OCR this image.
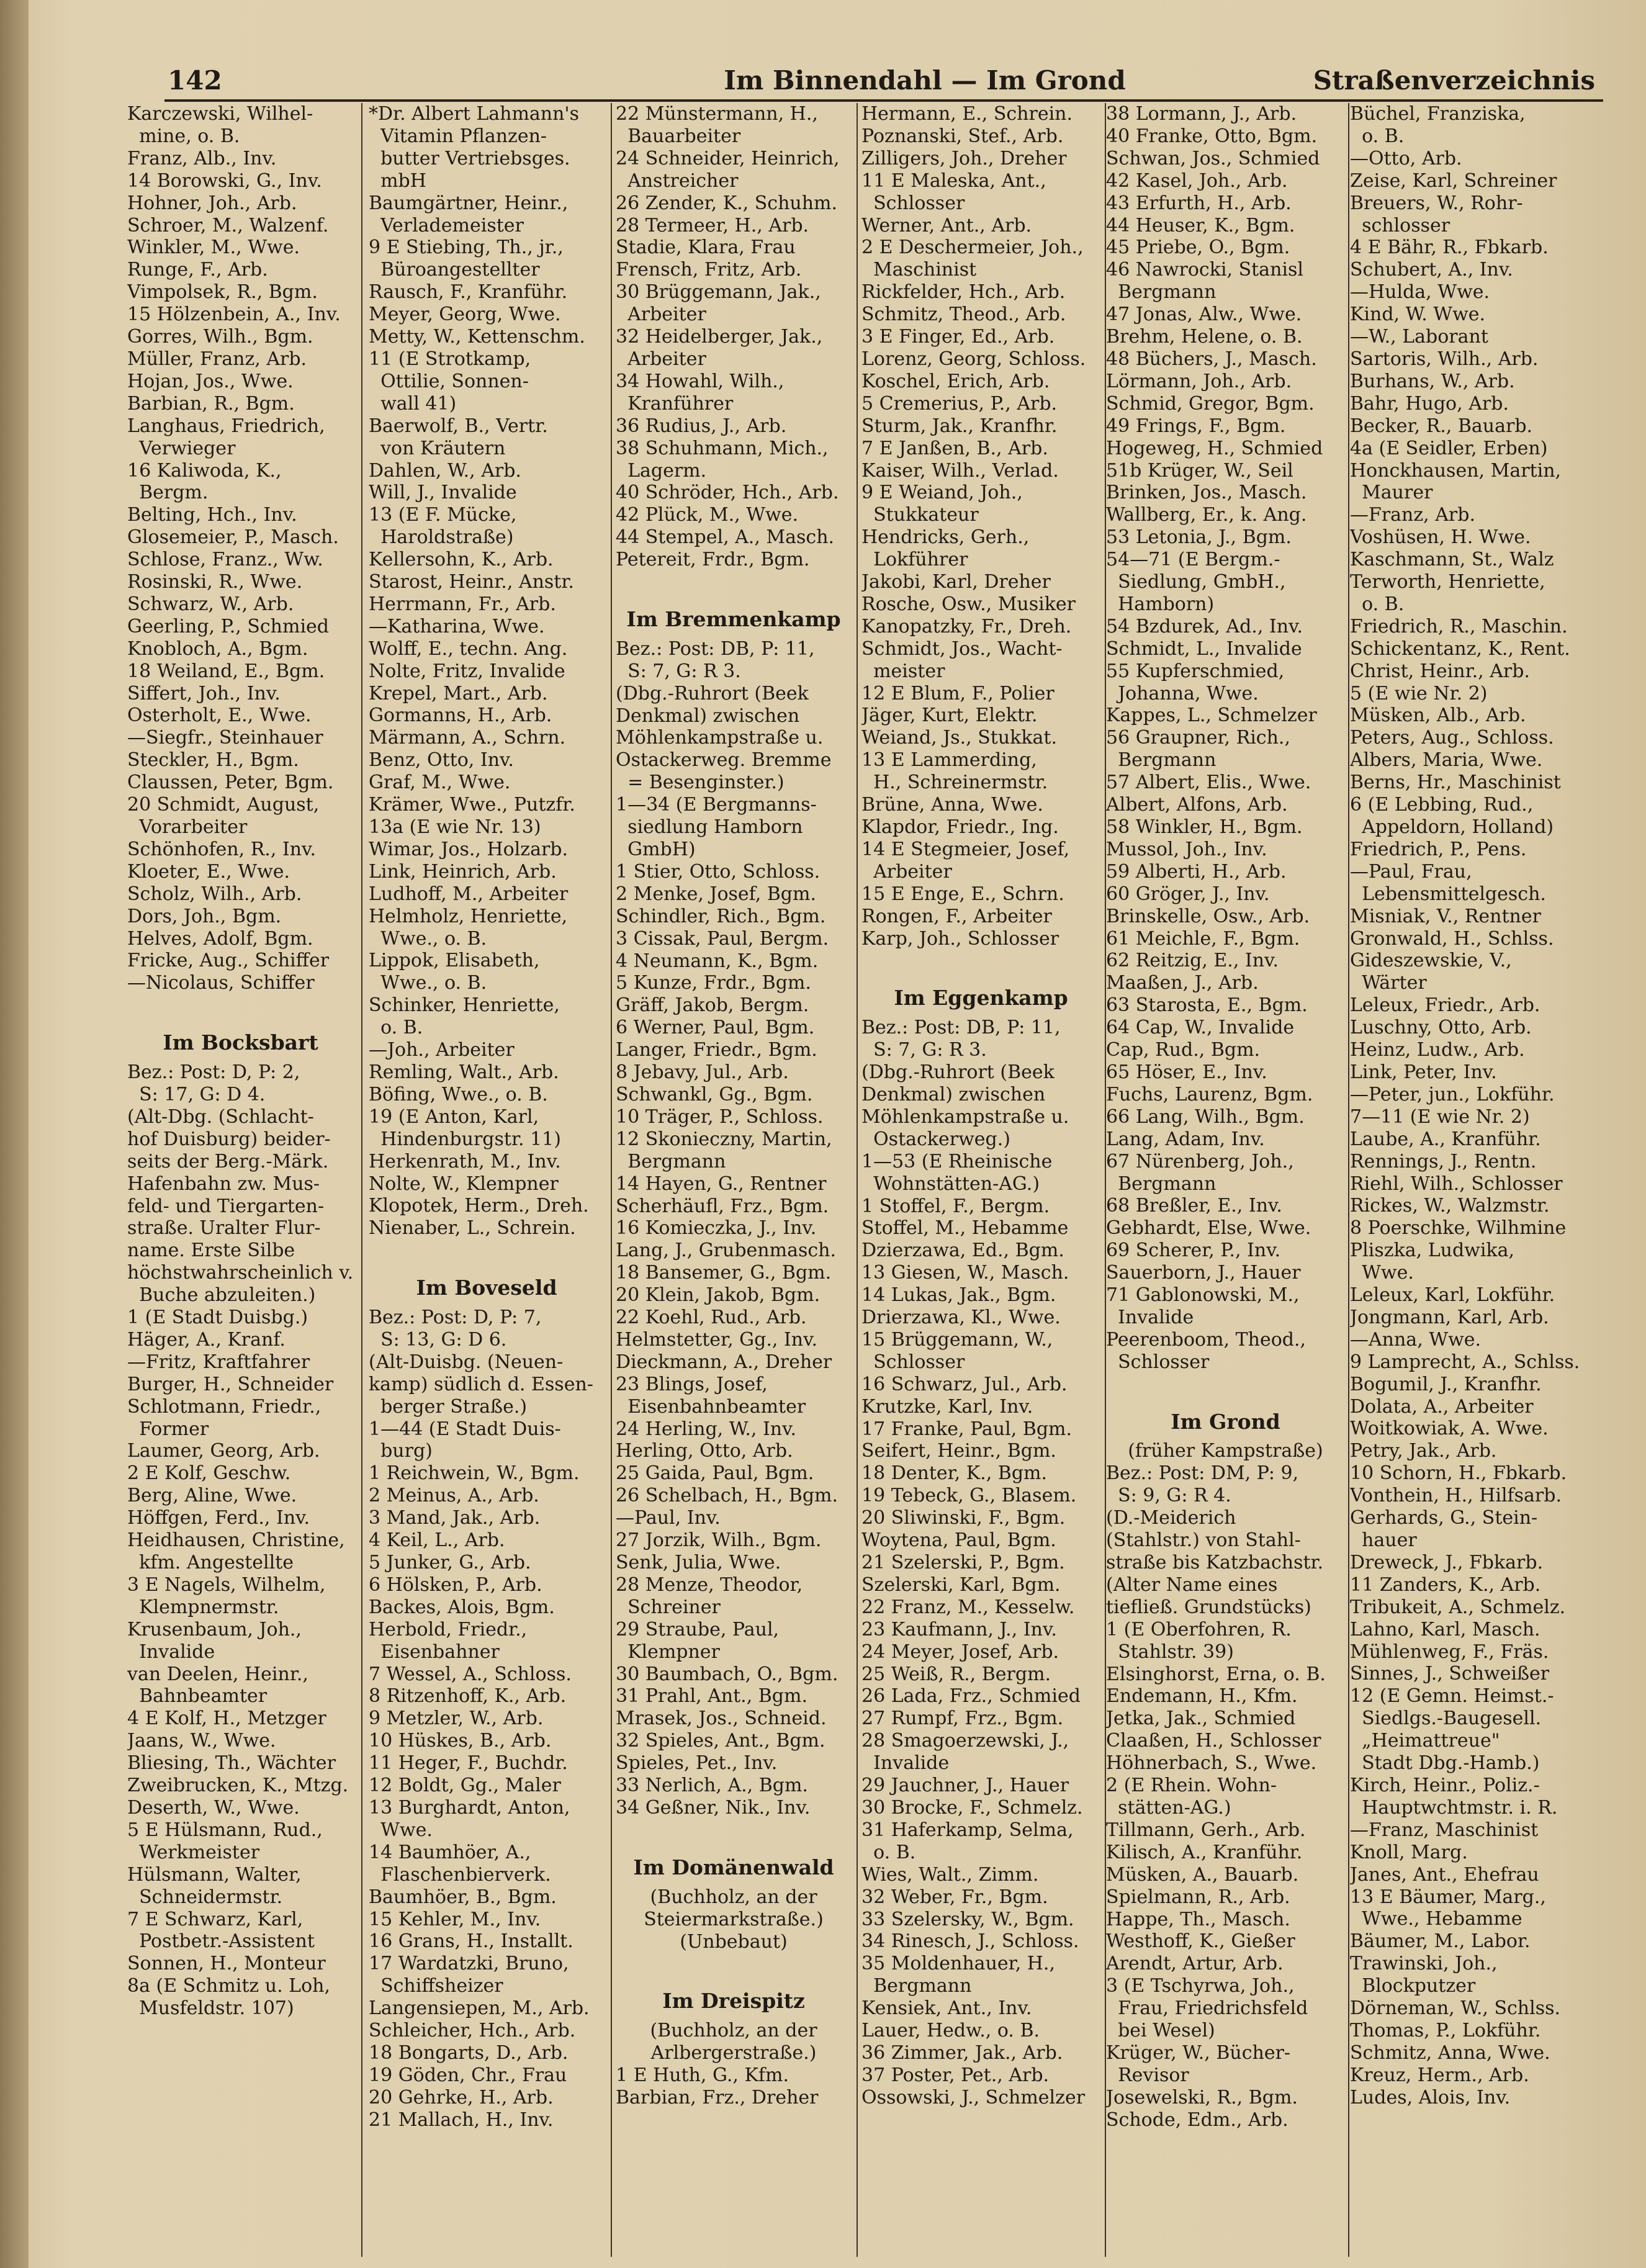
142	Im Binnendahl — Im Grond	Straßenverzeichnis
Karczewski, Wilhel-
mine, o. B.
Franz, Alb., Inv.
14 Borowski, G., Inv.
Hohner, Joh., Arb.
Schroer, M., Walzenf.
Winkler, M., Wwe.
Runge, F., Arb.
Vimpolsek, R., Bgm.
15 Hölzenbein, A., Inv.
Gorres, Wilh., Bgm.
Müller, Franz, Arb.
Hojan, Jos., Wwe.
Barbian, R., Bgm.
Langhaus, Friedrich,
Verwieger
16 Kaliwoda, K.,
Bergm.
Belting, Hch., Inv.
Glosemeier, P., Masch.
Schlose, Franz., Ww.
Rosinski, R., Wwe.
Schwarz, W., Arb.
Geerling, P., Schmied
Knobloch, A., Bgm.
18 Weiland, E., Bgm.
Siffert, Joh., Inv.
Osterholt, E., Wwe.
—Siegfr., Steinhauer
Steckler, H., Bgm.
Claussen, Peter, Bgm.
20 Schmidt, August,
Vorarbeiter
Schönhofen, R., Inv.
Kloeter, E., Wwe.
Scholz, Wilh., Arb.
Dors, Joh., Bgm.
Helves, Adolf, Bgm.
Fricke, Aug., Schiffer
—Nicolaus, Schiffer

Im Bocksbart
Bez.: Post: D, P: 2,
S: 17, G: D 4.
(Alt-Dbg. (Schlacht-
hof Duisburg) beider-
seits der Berg.-Märk.
Hafenbahn zw. Mus-
feld- und Tiergarten-
straße. Uralter Flur-
name. Erste Silbe
höchstwahrscheinlich v.
Buche abzuleiten.)
1 (E Stadt Duisbg.)
Häger, A., Kranf.
—Fritz, Kraftfahrer
Burger, H., Schneider
Schlotmann, Friedr.,
Former
Laumer, Georg, Arb.
2 E Kolf, Geschw.
Berg, Aline, Wwe.
Höffgen, Ferd., Inv.
Heidhausen, Christine,
kfm. Angestellte
3 E Nagels, Wilhelm,
Klempnermstr.
Krusenbaum, Joh.,
Invalide
van Deelen, Heinr.,
Bahnbeamter
4 E Kolf, H., Metzger
Jaans, W., Wwe.
Bliesing, Th., Wächter
Zweibrucken, K., Mtzg.
Deserth, W., Wwe.
5 E Hülsmann, Rud.,
Werkmeister
Hülsmann, Walter,
Schneidermstr.
7 E Schwarz, Karl,
Postbetr.-Assistent
Sonnen, H., Monteur
8a (E Schmitz u. Loh,
Musfeldstr. 107)
*Dr. Albert Lahmann's
Vitamin Pflanzen-
butter Vertriebsges.
mbH
Baumgärtner, Heinr.,
Verlademeister
9 E Stiebing, Th., jr.,
Büroangestellter
Rausch, F., Kranführ.
Meyer, Georg, Wwe.
Metty, W., Kettenschm.
11 (E Strotkamp,
Ottilie, Sonnen-
wall 41)
Baerwolf, B., Vertr.
von Kräutern
Dahlen, W., Arb.
Will, J., Invalide
13 (E F. Mücke,
Haroldstraße)
Kellersohn, K., Arb.
Starost, Heinr., Anstr.
Herrmann, Fr., Arb.
—Katharina, Wwe.
Wolff, E., techn. Ang.
Nolte, Fritz, Invalide
Krepel, Mart., Arb.
Gormanns, H., Arb.
Märmann, A., Schrn.
Benz, Otto, Inv.
Graf, M., Wwe.
Krämer, Wwe., Putzfr.
13a (E wie Nr. 13)
Wimar, Jos., Holzarb.
Link, Heinrich, Arb.
Ludhoff, M., Arbeiter
Helmholz, Henriette,
Wwe., o. B.
Lippok, Elisabeth,
Wwe., o. B.
Schinker, Henriette,
o. B.
—Joh., Arbeiter
Remling, Walt., Arb.
Böfing, Wwe., o. B.
19 (E Anton, Karl,
Hindenburgstr. 11)
Herkenrath, M., Inv.
Nolte, W., Klempner
Klopotek, Herm., Dreh.
Nienaber, L., Schrein.

Im Boveseld
Bez.: Post: D, P: 7,
S: 13, G: D 6.
(Alt-Duisbg. (Neuen-
kamp) südlich d. Essen-
berger Straße.)
1—44 (E Stadt Duis-
burg)
1 Reichwein, W., Bgm.
2 Meinus, A., Arb.
3 Mand, Jak., Arb.
4 Keil, L., Arb.
5 Junker, G., Arb.
6 Hölsken, P., Arb.
Backes, Alois, Bgm.
Herbold, Friedr.,
Eisenbahner
7 Wessel, A., Schloss.
8 Ritzenhoff, K., Arb.
9 Metzler, W., Arb.
10 Hüskes, B., Arb.
11 Heger, F., Buchdr.
12 Boldt, Gg., Maler
13 Burghardt, Anton,
Wwe.
14 Baumhöer, A.,
Flaschenbierverk.
Baumhöer, B., Bgm.
15 Kehler, M., Inv.
16 Grans, H., Installt.
17 Wardatzki, Bruno,
Schiffsheizer
Langensiepen, M., Arb.
Schleicher, Hch., Arb.
18 Bongarts, D., Arb.
19 Göden, Chr., Frau
20 Gehrke, H., Arb.
21 Mallach, H., Inv.
22 Münstermann, H.,
Bauarbeiter
24 Schneider, Heinrich,
Anstreicher
26 Zender, K., Schuhm.
28 Termeer, H., Arb.
Stadie, Klara, Frau
Frensch, Fritz, Arb.
30 Brüggemann, Jak.,
Arbeiter
32 Heidelberger, Jak.,
Arbeiter
34 Howahl, Wilh.,
Kranführer
36 Rudius, J., Arb.
38 Schuhmann, Mich.,
Lagerm.
40 Schröder, Hch., Arb.
42 Plück, M., Wwe.
44 Stempel, A., Masch.
Petereit, Frdr., Bgm.

Im Bremmenkamp
Bez.: Post: DB, P: 11,
S: 7, G: R 3.
(Dbg.-Ruhrort (Beek
Denkmal) zwischen
Möhlenkampstraße u.
Ostackerweg. Bremme
= Besenginster.)
1—34 (E Bergmanns-
siedlung Hamborn
GmbH)
1 Stier, Otto, Schloss.
2 Menke, Josef, Bgm.
Schindler, Rich., Bgm.
3 Cissak, Paul, Bergm.
4 Neumann, K., Bgm.
5 Kunze, Frdr., Bgm.
Gräff, Jakob, Bergm.
6 Werner, Paul, Bgm.
Langer, Friedr., Bgm.
8 Jebavy, Jul., Arb.
Schwankl, Gg., Bgm.
10 Träger, P., Schloss.
12 Skonieczny, Martin,
Bergmann
14 Hayen, G., Rentner
Scherhäufl, Frz., Bgm.
16 Komieczka, J., Inv.
Lang, J., Grubenmasch.
18 Bansemer, G., Bgm.
20 Klein, Jakob, Bgm.
22 Koehl, Rud., Arb.
Helmstetter, Gg., Inv.
Dieckmann, A., Dreher
23 Blings, Josef,
Eisenbahnbeamter
24 Herling, W., Inv.
Herling, Otto, Arb.
25 Gaida, Paul, Bgm.
26 Schelbach, H., Bgm.
—Paul, Inv.
27 Jorzik, Wilh., Bgm.
Senk, Julia, Wwe.
28 Menze, Theodor,
Schreiner
29 Straube, Paul,
Klempner
30 Baumbach, O., Bgm.
31 Prahl, Ant., Bgm.
Mrasek, Jos., Schneid.
32 Spieles, Ant., Bgm.
Spieles, Pet., Inv.
33 Nerlich, A., Bgm.
34 Geßner, Nik., Inv.

Im Domänenwald
(Buchholz, an der
Steiermarkstraße.)
(Unbebaut)

Im Dreispitz
(Buchholz, an der
Arlbergerstraße.)
1 E Huth, G., Kfm.
Barbian, Frz., Dreher
Hermann, E., Schrein.
Poznanski, Stef., Arb.
Zilligers, Joh., Dreher
11 E Maleska, Ant.,
Schlosser
Werner, Ant., Arb.
2 E Deschermeier, Joh.,
Maschinist
Rickfelder, Hch., Arb.
Schmitz, Theod., Arb.
3 E Finger, Ed., Arb.
Lorenz, Georg, Schloss.
Koschel, Erich, Arb.
5 Cremerius, P., Arb.
Sturm, Jak., Kranfhr.
7 E Janßen, B., Arb.
Kaiser, Wilh., Verlad.
9 E Weiand, Joh.,
Stukkateur
Hendricks, Gerh.,
Lokführer
Jakobi, Karl, Dreher
Rosche, Osw., Musiker
Kanopatzky, Fr., Dreh.
Schmidt, Jos., Wacht-
meister
12 E Blum, F., Polier
Jäger, Kurt, Elektr.
Weiand, Js., Stukkat.
13 E Lammerding,
H., Schreinermstr.
Brüne, Anna, Wwe.
Klapdor, Friedr., Ing.
14 E Stegmeier, Josef,
Arbeiter
15 E Enge, E., Schrn.
Rongen, F., Arbeiter
Karp, Joh., Schlosser

Im Eggenkamp
Bez.: Post: DB, P: 11,
S: 7, G: R 3.
(Dbg.-Ruhrort (Beek
Denkmal) zwischen
Möhlenkampstraße u.
Ostackerweg.)
1—53 (E Rheinische
Wohnstätten-AG.)
1 Stoffel, F., Bergm.
Stoffel, M., Hebamme
Dzierzawa, Ed., Bgm.
13 Giesen, W., Masch.
14 Lukas, Jak., Bgm.
Drierzawa, Kl., Wwe.
15 Brüggemann, W.,
Schlosser
16 Schwarz, Jul., Arb.
Krutzke, Karl, Inv.
17 Franke, Paul, Bgm.
Seifert, Heinr., Bgm.
18 Denter, K., Bgm.
19 Tebeck, G., Blasem.
20 Sliwinski, F., Bgm.
Woytena, Paul, Bgm.
21 Szelerski, P., Bgm.
Szelerski, Karl, Bgm.
22 Franz, M., Kesselw.
23 Kaufmann, J., Inv.
24 Meyer, Josef, Arb.
25 Weiß, R., Bergm.
26 Lada, Frz., Schmied
27 Rumpf, Frz., Bgm.
28 Smagoerzewski, J.,
Invalide
29 Jauchner, J., Hauer
30 Brocke, F., Schmelz.
31 Haferkamp, Selma,
o. B.
Wies, Walt., Zimm.
32 Weber, Fr., Bgm.
33 Szelersky, W., Bgm.
34 Rinesch, J., Schloss.
35 Moldenhauer, H.,
Bergmann
Kensiek, Ant., Inv.
Lauer, Hedw., o. B.
36 Zimmer, Jak., Arb.
37 Poster, Pet., Arb.
Ossowski, J., Schmelzer
38 Lormann, J., Arb.
40 Franke, Otto, Bgm.
Schwan, Jos., Schmied
42 Kasel, Joh., Arb.
43 Erfurth, H., Arb.
44 Heuser, K., Bgm.
45 Priebe, O., Bgm.
46 Nawrocki, Stanisl
Bergmann
47 Jonas, Alw., Wwe.
Brehm, Helene, o. B.
48 Büchers, J., Masch.
Lörmann, Joh., Arb.
Schmid, Gregor, Bgm.
49 Frings, F., Bgm.
Hogeweg, H., Schmied
51b Krüger, W., Seil
Brinken, Jos., Masch.
Wallberg, Er., k. Ang.
53 Letonia, J., Bgm.
54—71 (E Bergm.-
Siedlung, GmbH.,
Hamborn)
54 Bzdurek, Ad., Inv.
Schmidt, L., Invalide
55 Kupferschmied,
Johanna, Wwe.
Kappes, L., Schmelzer
56 Graupner, Rich.,
Bergmann
57 Albert, Elis., Wwe.
Albert, Alfons, Arb.
58 Winkler, H., Bgm.
Mussol, Joh., Inv.
59 Alberti, H., Arb.
60 Gröger, J., Inv.
Brinskelle, Osw., Arb.
61 Meichle, F., Bgm.
62 Reitzig, E., Inv.
Maaßen, J., Arb.
63 Starosta, E., Bgm.
64 Cap, W., Invalide
Cap, Rud., Bgm.
65 Höser, E., Inv.
Fuchs, Laurenz, Bgm.
66 Lang, Wilh., Bgm.
Lang, Adam, Inv.
67 Nürenberg, Joh.,
Bergmann
68 Breßler, E., Inv.
Gebhardt, Else, Wwe.
69 Scherer, P., Inv.
Sauerborn, J., Hauer
71 Gablonowski, M.,
Invalide
Peerenboom, Theod.,
Schlosser

Im Grond
(früher Kampstraße)
Bez.: Post: DM, P: 9,
S: 9, G: R 4.
(D.-Meiderich
(Stahlstr.) von Stahl-
straße bis Katzbachstr.
(Alter Name eines
tiefließ. Grundstücks)
1 (E Oberfohren, R.
Stahlstr. 39)
Elsinghorst, Erna, o. B.
Endemann, H., Kfm.
Jetka, Jak., Schmied
Claaßen, H., Schlosser
Höhnerbach, S., Wwe.
2 (E Rhein. Wohn-
stätten-AG.)
Tillmann, Gerh., Arb.
Kilisch, A., Kranführ.
Müsken, A., Bauarb.
Spielmann, R., Arb.
Happe, Th., Masch.
Westhoff, K., Gießer
Arendt, Artur, Arb.
3 (E Tschyrwa, Joh.,
Frau, Friedrichsfeld
bei Wesel)
Krüger, W., Bücher-
Revisor
Josewelski, R., Bgm.
Schode, Edm., Arb.
Büchel, Franziska,
o. B.
—Otto, Arb.
Zeise, Karl, Schreiner
Breuers, W., Rohr-
schlosser
4 E Bähr, R., Fbkarb.
Schubert, A., Inv.
—Hulda, Wwe.
Kind, W. Wwe.
—W., Laborant
Sartoris, Wilh., Arb.
Burhans, W., Arb.
Bahr, Hugo, Arb.
Becker, R., Bauarb.
4a (E Seidler, Erben)
Honckhausen, Martin,
Maurer
—Franz, Arb.
Voshüsen, H. Wwe.
Kaschmann, St., Walz
Terworth, Henriette,
o. B.
Friedrich, R., Maschin.
Schickentanz, K., Rent.
Christ, Heinr., Arb.
5 (E wie Nr. 2)
Müsken, Alb., Arb.
Peters, Aug., Schloss.
Albers, Maria, Wwe.
Berns, Hr., Maschinist
6 (E Lebbing, Rud.,
Appeldorn, Holland)
Friedrich, P., Pens.
—Paul, Frau,
Lebensmittelgesch.
Misniak, V., Rentner
Gronwald, H., Schlss.
Gideszewskie, V.,
Wärter
Leleux, Friedr., Arb.
Luschny, Otto, Arb.
Heinz, Ludw., Arb.
Link, Peter, Inv.
—Peter, jun., Lokführ.
7—11 (E wie Nr. 2)
Laube, A., Kranführ.
Rennings, J., Rentn.
Riehl, Wilh., Schlosser
Rickes, W., Walzmstr.
8 Poerschke, Wilhmine
Pliszka, Ludwika,
Wwe.
Leleux, Karl, Lokführ.
Jongmann, Karl, Arb.
—Anna, Wwe.
9 Lamprecht, A., Schlss.
Bogumil, J., Kranfhr.
Dolata, A., Arbeiter
Woitkowiak, A. Wwe.
Petry, Jak., Arb.
10 Schorn, H., Fbkarb.
Vonthein, H., Hilfsarb.
Gerhards, G., Stein-
hauer
Dreweck, J., Fbkarb.
11 Zanders, K., Arb.
Tribukeit, A., Schmelz.
Lahno, Karl, Masch.
Mühlenweg, F., Fräs.
Sinnes, J., Schweißer
12 (E Gemn. Heimst.-
Siedlgs.-Baugesell.
„Heimattreue"
Stadt Dbg.-Hamb.)
Kirch, Heinr., Poliz.-
Hauptwchtmstr. i. R.
—Franz, Maschinist
Knoll, Marg.
Janes, Ant., Ehefrau
13 E Bäumer, Marg.,
Wwe., Hebamme
Bäumer, M., Labor.
Trawinski, Joh.,
Blockputzer
Dörneman, W., Schlss.
Thomas, P., Lokführ.
Schmitz, Anna, Wwe.
Kreuz, Herm., Arb.
Ludes, Alois, Inv.
